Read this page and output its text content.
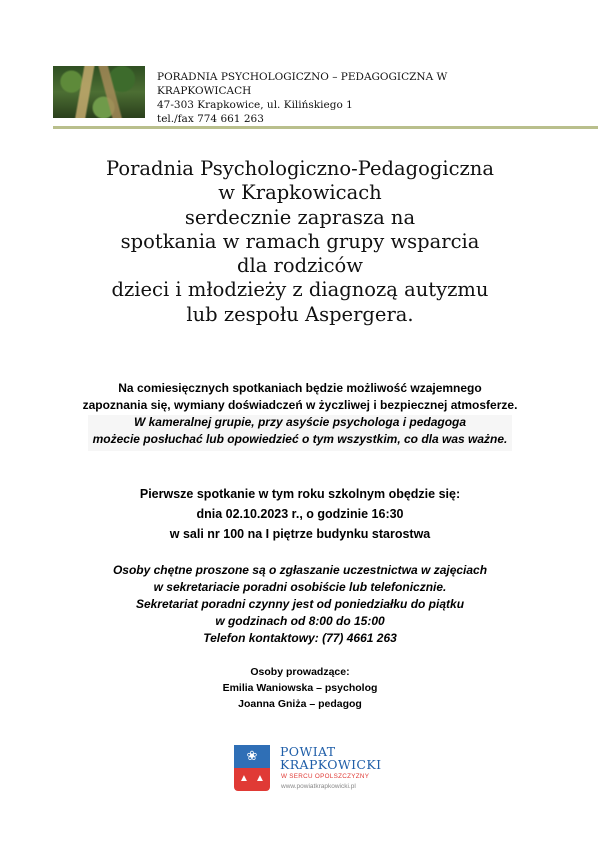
PORADNIA PSYCHOLOGICZNO – PEDAGOGICZNA W KRAPKOWICACH
47-303 Krapkowice, ul. Kilińskiego 1
tel./fax 774 661 263
Poradnia Psychologiczno-Pedagogiczna
w Krapkowicach
serdecznie zaprasza na
spotkania w ramach grupy wsparcia
dla rodziców
dzieci i młodzieży z diagnozą autyzmu
lub zespołu Aspergera.
Na comiesięcznych spotkaniach będzie możliwość wzajemnego
zapoznania się, wymiany doświadczeń w życzliwej i bezpiecznej atmosferze.
W kameralnej grupie, przy asyście psychologa i pedagoga
możecie posłuchać lub opowiedzieć o tym wszystkim, co dla was ważne.
Pierwsze spotkanie w tym roku szkolnym obędzie się:
dnia 02.10.2023 r., o godzinie 16:30
w sali nr 100 na I piętrze budynku starostwa
Osoby chętne proszone są o zgłaszanie uczestnictwa w zajęciach
w sekretariacie poradni osobiście lub telefonicznie.
Sekretariat poradni czynny jest od poniedziałku do piątku
w godzinach od 8:00 do 15:00
Telefon kontaktowy: (77) 4661 263
Osoby prowadzące:
Emilia Waniowska – psycholog
Joanna Gniża – pedagog
❀
▲ ▲
POWIAT
KRAPKOWICKI
W SERCU OPOLSZCZYZNY
www.powiatkrapkowicki.pl
